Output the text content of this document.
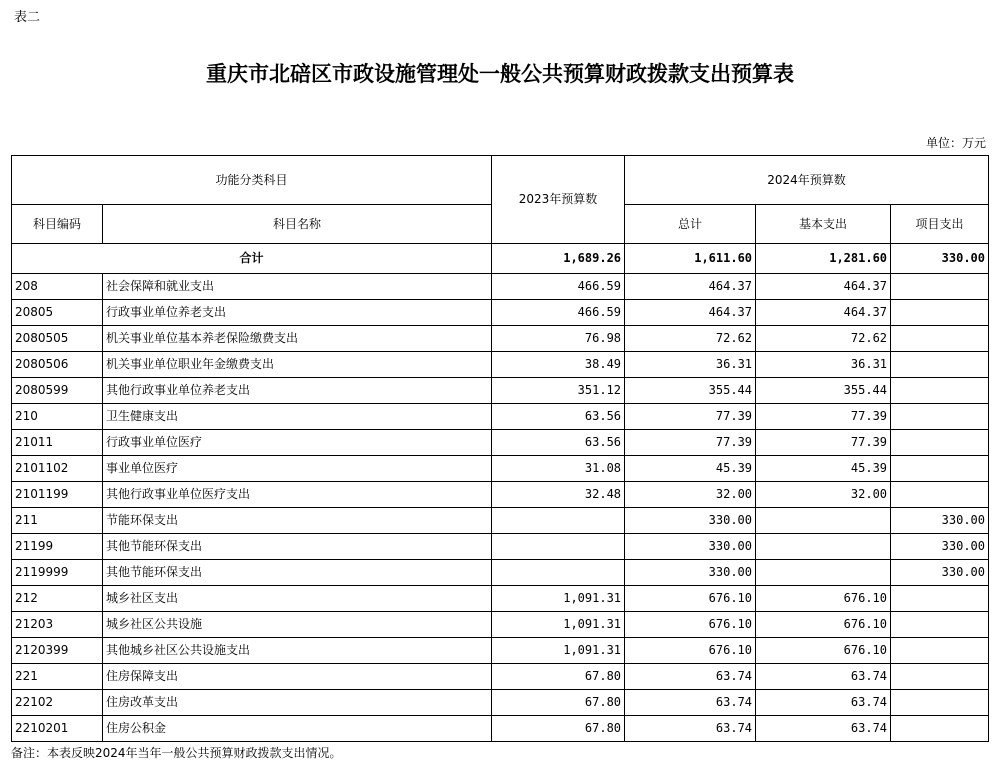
表二
重庆市北碚区市政设施管理处一般公共预算财政拨款支出预算表
单位：万元
功能分类科目		2023年预算数	2024年预算数		
科目编码	科目名称		总计	基本支出	项目支出
合计		1,689.26	1,611.60	1,281.60	330.00
208	社会保障和就业支出	466.59	464.37	464.37	
20805	行政事业单位养老支出	466.59	464.37	464.37	
2080505	机关事业单位基本养老保险缴费支出	76.98	72.62	72.62	
2080506	机关事业单位职业年金缴费支出	38.49	36.31	36.31	
2080599	其他行政事业单位养老支出	351.12	355.44	355.44	
210	卫生健康支出	63.56	77.39	77.39	
21011	行政事业单位医疗	63.56	77.39	77.39	
2101102	事业单位医疗	31.08	45.39	45.39	
2101199	其他行政事业单位医疗支出	32.48	32.00	32.00	
211	节能环保支出		330.00		330.00
21199	其他节能环保支出		330.00		330.00
2119999	其他节能环保支出		330.00		330.00
212	城乡社区支出	1,091.31	676.10	676.10	
21203	城乡社区公共设施	1,091.31	676.10	676.10	
2120399	其他城乡社区公共设施支出	1,091.31	676.10	676.10	
221	住房保障支出	67.80	63.74	63.74	
22102	住房改革支出	67.80	63.74	63.74	
2210201	住房公积金	67.80	63.74	63.74	
备注：本表反映2024年当年一般公共预算财政拨款支出情况。
